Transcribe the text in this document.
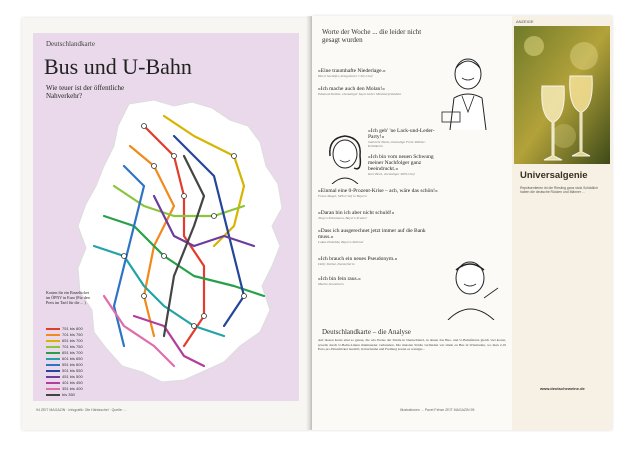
Deutschlandkarte
Bus und U-Bahn
Wie teuer ist der öffentliche Nahverkehr?
Kosten für ein Einzelticket im ÖPNV in Euro (Für den Preis im Tarif für die ... )
751 bis 800
701 bis 750
651 bis 700
701 bis 750
651 bis 700
601 bis 650
551 bis 600
501 bis 550
451 bis 500
401 bis 450
351 bis 400
bis 350
94 ZEIT MAGAZIN · Infografik: Ole Häntzschel · Quelle: ...
Worte der Woche ... die leider nicht gesagt wurden
»Eine traumhafte Niederlage.«
Horst Seehofer, designierter CSU-Chef
»Ich mache auch den Molan!«
Edmund Stoiber, ehemaliger bayerischer Ministerpräsident
»Ich geb' 'ne Lack-und-Leder-Party!«
Gabriele Pauli, ehemalige Freie-Wähler-Politikerin
»Ich bin vom neuen Schwung meiner Nachfolger ganz beeindruckt.«
Kurt Beck, ehemaliger SPD-Chef
»Einmal eine 0-Prozent-Krise – ach, wäre das schön!«
Franz Maget, SPD-Chef in Bayern
»Daran bin ich aber nicht schuld!«
Jürgen Klinsmann, Bayern-Trainer
»Dass ich ausgerechnet jetzt immer auf die Bank muss.«
Lukas Podolski, Bayern-Stürmer
»Ich brauch ein neues Pseudonym.«
Dolly Dollar, Darstellerin
»Ich bin fein raus.«
Martin Sonneborn
Deutschlandkarte – die Analyse
Auf diesen Karte sind so genau, die wie Preise der Städte in Deutschland, in denen das Bus- und U-Bahnfahren gleich viel kostet, jeweils durch U-Bahn-Linien miteinander verbunden. Die meisten Städte verbinden wir allein zu Bus in Wiesbaden, wo man 2,10 Euro pro Einzelticket bezahlt; in Karlsruhe und Freiburg kostet es weniger...
Illustrationen ... Pavel Fehse ZEIT MAGAZIN 95
ANZEIGE
Universalgenie
Repräsentieren ist die Riesling ganz stolz Schädlich haben die deutsche Rücken und Männer ...
www.deutscheweine.de
